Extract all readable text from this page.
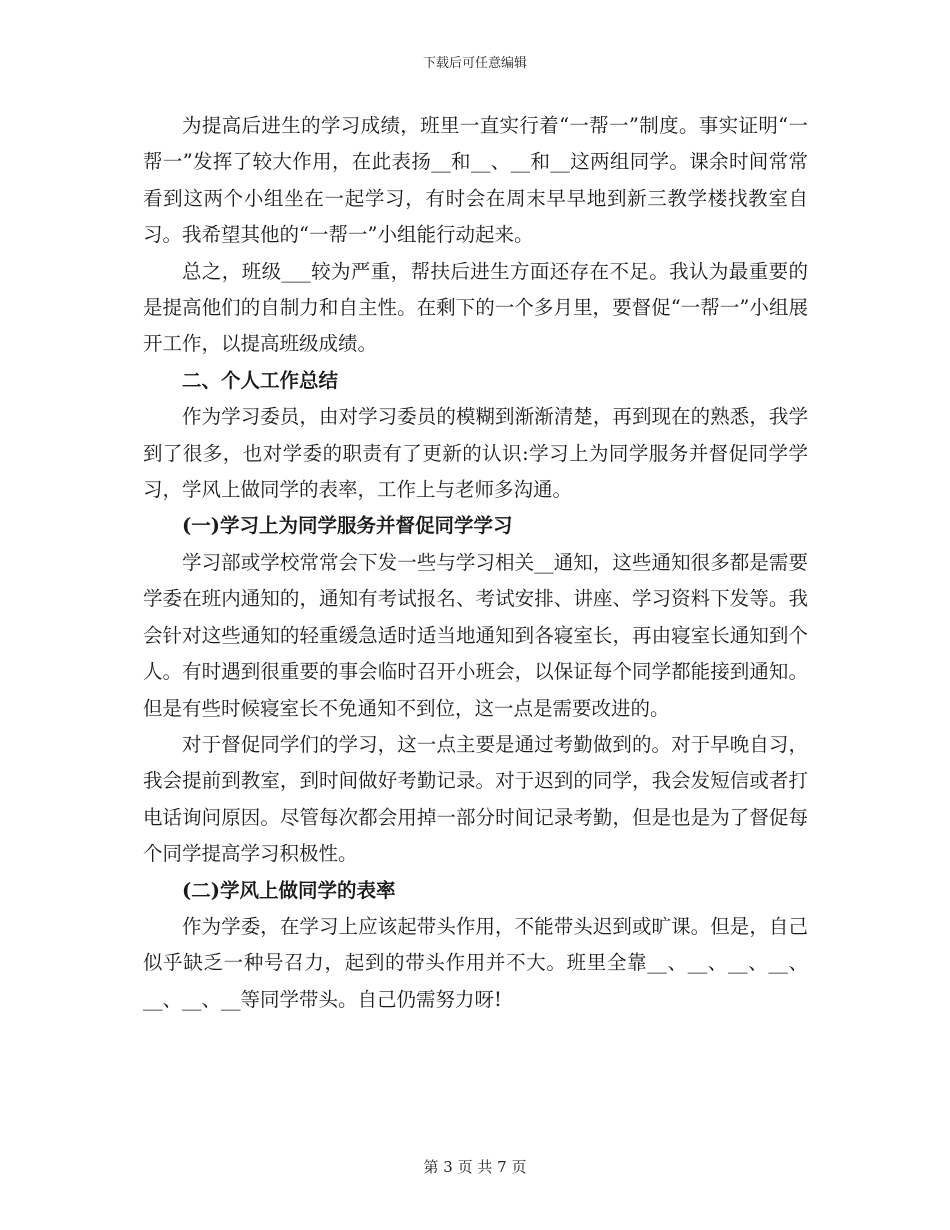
下载后可任意编辑

为提高后进生的学习成绩，班里一直实行着“一帮一”制度。事实证明“一帮一”发挥了较大作用，在此表扬__和__、__和__这两组同学。课余时间常常看到这两个小组坐在一起学习，有时会在周末早早地到新三教学楼找教室自习。我希望其他的“一帮一”小组能行动起来。

总之，班级___较为严重，帮扶后进生方面还存在不足。我认为最重要的是提高他们的自制力和自主性。在剩下的一个多月里，要督促“一帮一”小组展开工作，以提高班级成绩。

二、个人工作总结

作为学习委员，由对学习委员的模糊到渐渐清楚，再到现在的熟悉，我学到了很多，也对学委的职责有了更新的认识:学习上为同学服务并督促同学学习，学风上做同学的表率，工作上与老师多沟通。

(一)学习上为同学服务并督促同学学习

学习部或学校常常会下发一些与学习相关__通知，这些通知很多都是需要学委在班内通知的，通知有考试报名、考试安排、讲座、学习资料下发等。我会针对这些通知的轻重缓急适时适当地通知到各寝室长，再由寝室长通知到个人。有时遇到很重要的事会临时召开小班会，以保证每个同学都能接到通知。但是有些时候寝室长不免通知不到位，这一点是需要改进的。

对于督促同学们的学习，这一点主要是通过考勤做到的。对于早晚自习，我会提前到教室，到时间做好考勤记录。对于迟到的同学，我会发短信或者打电话询问原因。尽管每次都会用掉一部分时间记录考勤，但是也是为了督促每个同学提高学习积极性。

(二)学风上做同学的表率

作为学委，在学习上应该起带头作用，不能带头迟到或旷课。但是，自己似乎缺乏一种号召力，起到的带头作用并不大。班里全靠__、__、__、__、__、__、__等同学带头。自己仍需努力呀!

第 3 页 共 7 页
